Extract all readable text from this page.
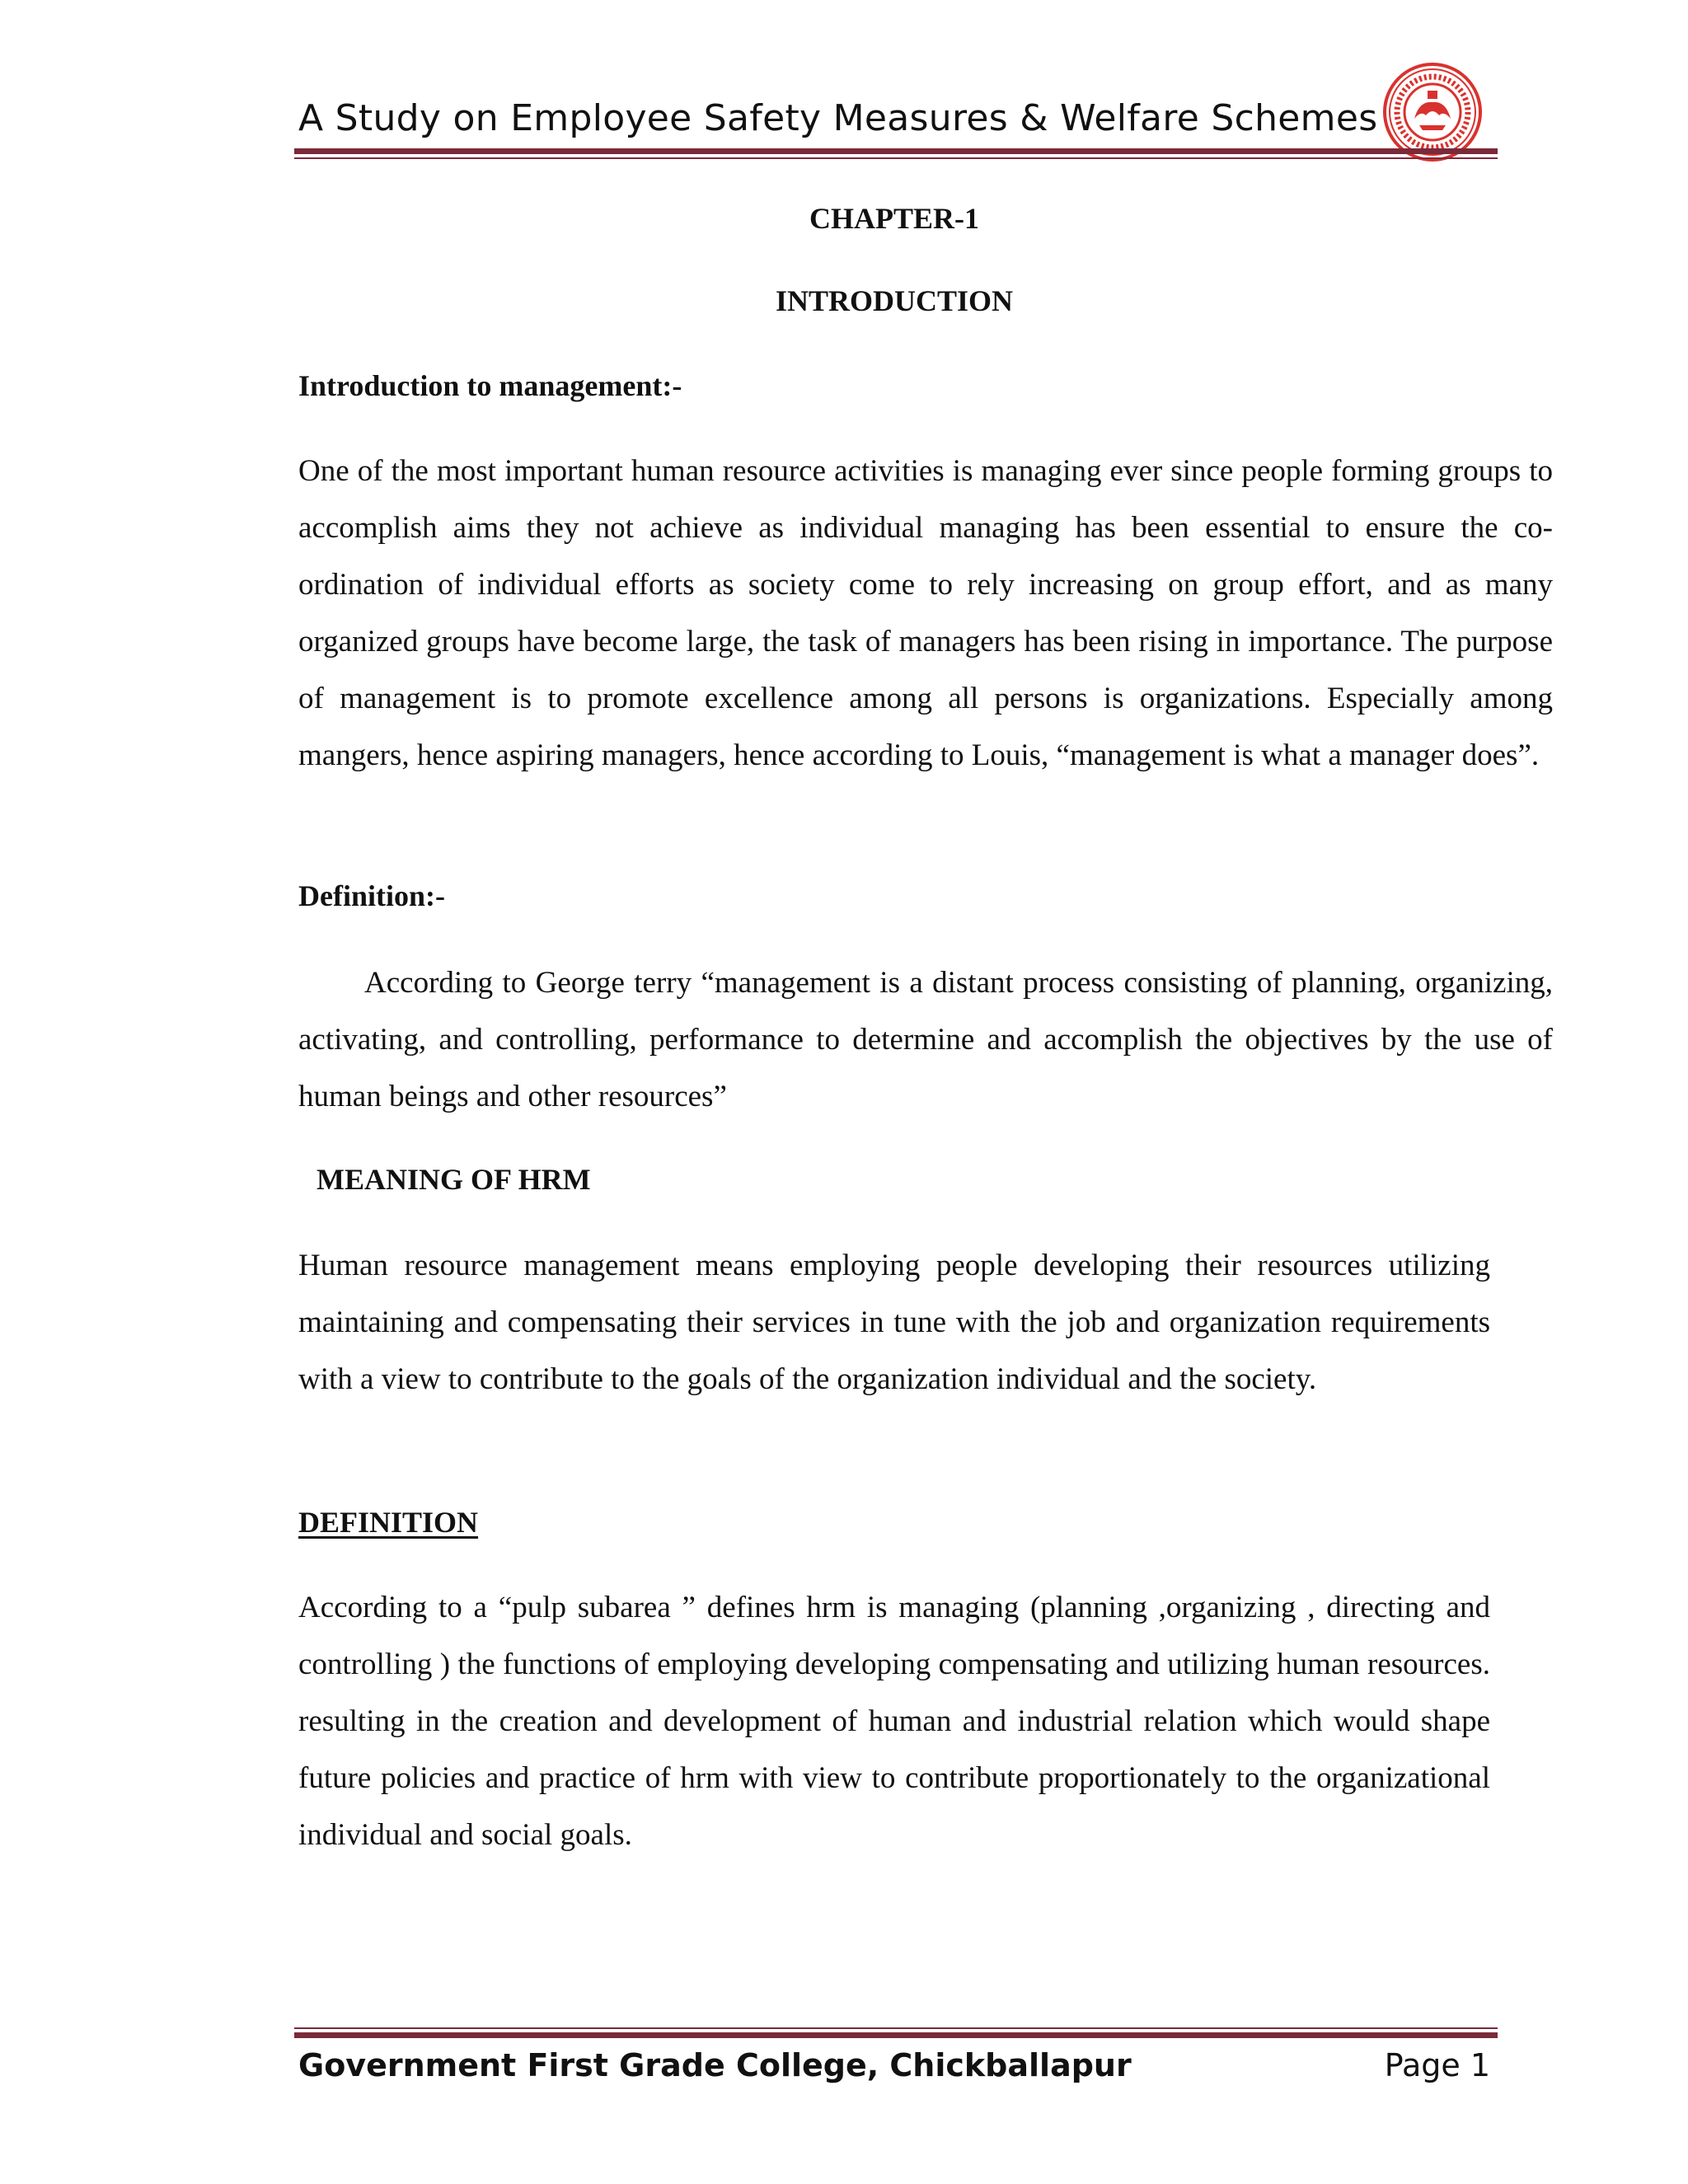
A Study on Employee Safety Measures & Welfare Schemes
CHAPTER-1
INTRODUCTION
Introduction to management:-
One of the most important human resource activities is managing ever since people forming groups to accomplish aims they not achieve as individual managing has been essential to ensure the co-ordination of individual efforts as society come to rely increasing on group effort, and as many organized groups have become large, the task of managers has been rising in importance. The purpose of management is to promote excellence among all persons is organizations. Especially among mangers, hence aspiring managers, hence according to Louis, “management is what a manager does”.
Definition:-
According to George terry “management is a distant process consisting of planning, organizing, activating, and controlling, performance to determine and accomplish the objectives by the use of human beings and other resources”
MEANING OF HRM
Human resource management means employing people developing their resources utilizing maintaining and compensating their services in tune with the job and organization requirements with a view to contribute to the goals of the organization individual and the society.
DEFINITION
According to a “pulp subarea ” defines hrm is managing (planning ,organizing , directing and controlling ) the functions of employing developing compensating and utilizing human resources. resulting in the creation and development of human and industrial relation which would shape future policies and practice of hrm with view to contribute proportionately to the organizational individual and social goals.
Government First Grade College, Chickballapur	Page 1
